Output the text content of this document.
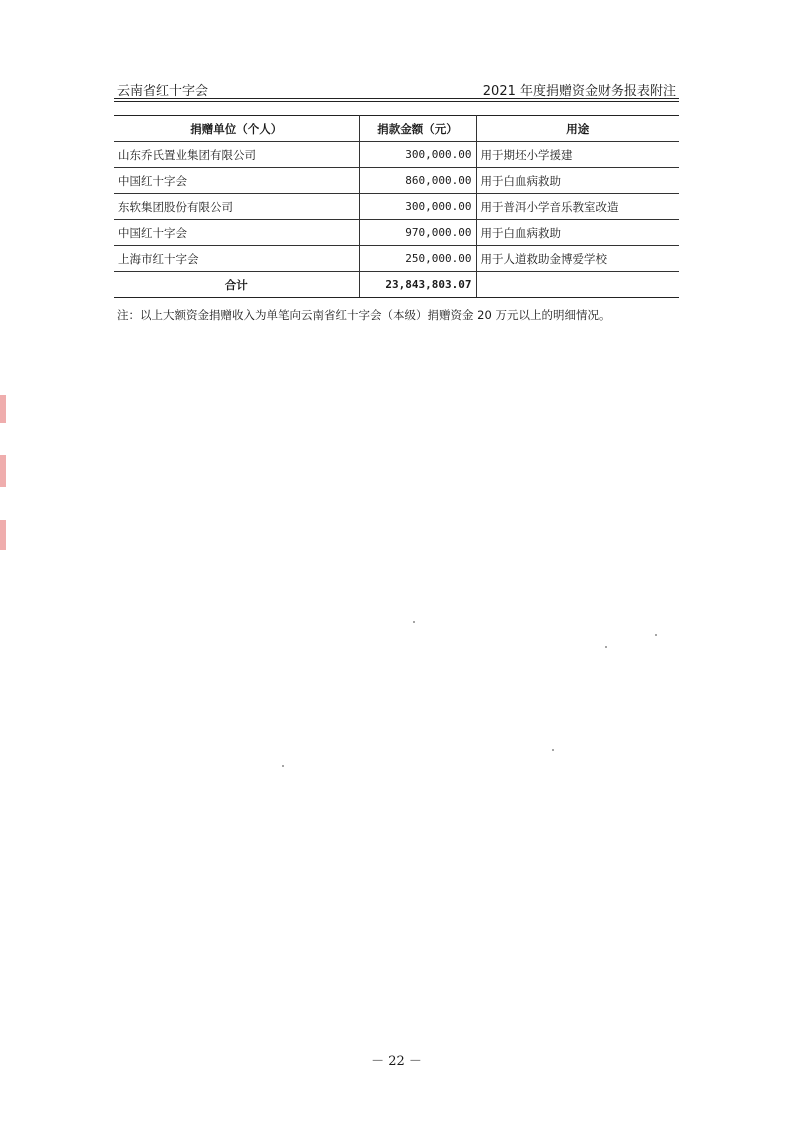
云南省红十字会	2021 年度捐赠资金财务报表附注
捐赠单位（个人）	捐款金额（元）	用途
山东乔氏置业集团有限公司	300,000.00	用于期坯小学援建
中国红十字会	860,000.00	用于白血病救助
东软集团股份有限公司	300,000.00	用于普洱小学音乐教室改造
中国红十字会	970,000.00	用于白血病救助
上海市红十字会	250,000.00	用于人道救助金博爱学校
合计	23,843,803.07	
注：以上大额资金捐赠收入为单笔向云南省红十字会（本级）捐赠资金 20 万元以上的明细情况。
－ 22 －
